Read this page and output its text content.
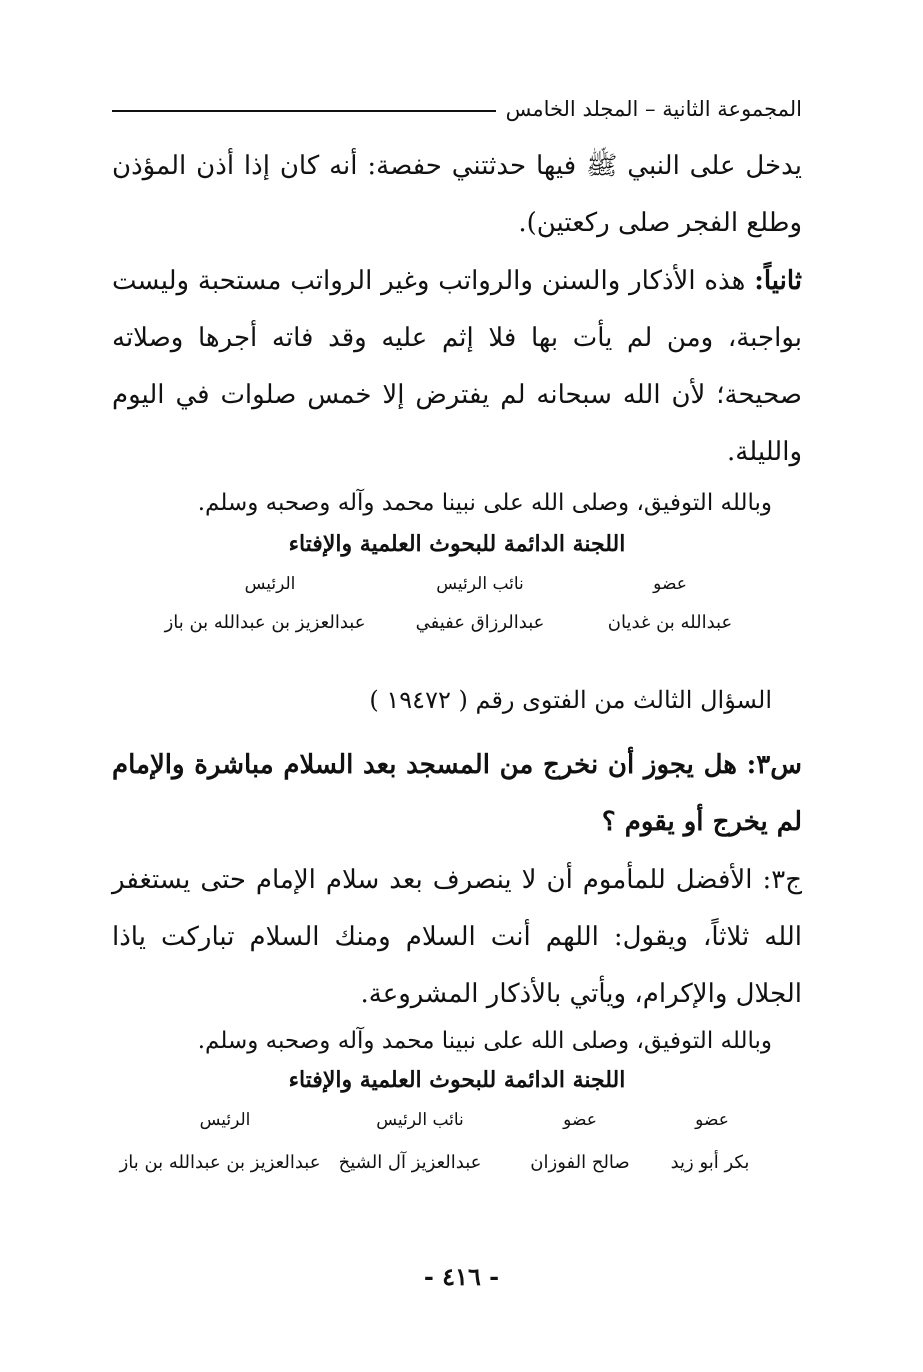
المجموعة الثانية – المجلد الخامس
يدخل على النبي ﷺ فيها حدثتني حفصة: أنه كان إذا أذن المؤذن وطلع الفجر صلى ركعتين).
ثانياً: هذه الأذكار والسنن والرواتب وغير الرواتب مستحبة وليست بواجبة، ومن لم يأت بها فلا إثم عليه وقد فاته أجرها وصلاته صحيحة؛ لأن الله سبحانه لم يفترض إلا خمس صلوات في اليوم والليلة.
وبالله التوفيق، وصلى الله على نبينا محمد وآله وصحبه وسلم.
اللجنة الدائمة للبحوث العلمية والإفتاء
عضو
نائب الرئيس
الرئيس
عبدالله بن غديان
عبدالرزاق عفيفي
عبدالعزيز بن عبدالله بن باز
السؤال الثالث من الفتوى رقم ( ١٩٤٧٢ )
س٣: هل يجوز أن نخرج من المسجد بعد السلام مباشرة والإمام لم يخرج أو يقوم ؟
ج٣: الأفضل للمأموم أن لا ينصرف بعد سلام الإمام حتى يستغفر الله ثلاثاً، ويقول: اللهم أنت السلام ومنك السلام تباركت ياذا الجلال والإكرام، ويأتي بالأذكار المشروعة.
وبالله التوفيق، وصلى الله على نبينا محمد وآله وصحبه وسلم.
اللجنة الدائمة للبحوث العلمية والإفتاء
عضو
عضو
نائب الرئيس
الرئيس
بكر أبو زيد
صالح الفوزان
عبدالعزيز آل الشيخ
عبدالعزيز بن عبدالله بن باز
- ٤١٦ -
